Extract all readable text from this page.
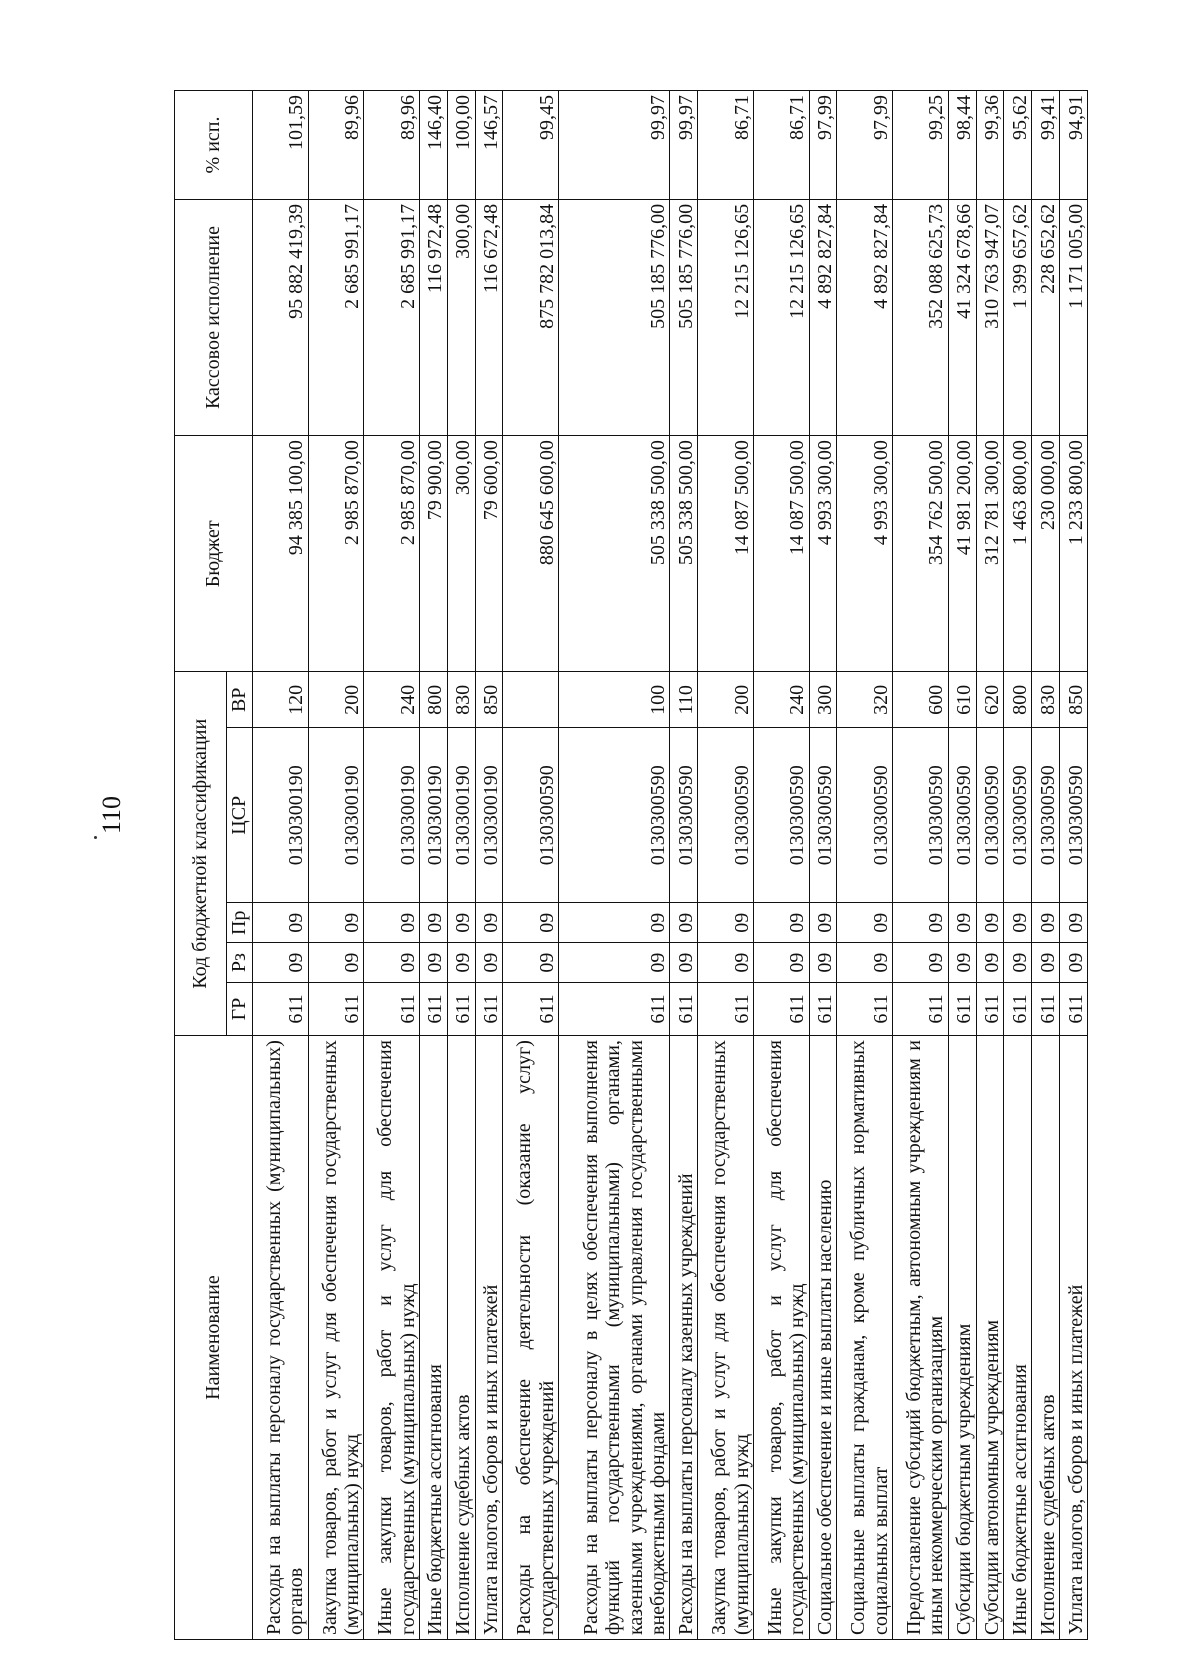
110
Наименование	Код бюджетной классификации					Бюджет	Кассовое исполнение	% исп.
	ГР	Рз	Пр	ЦСР	ВР			
Расходы на выплаты персоналу государственных (муниципальных) органов	611	09	09	0130300190	120	94 385 100,00	95 882 419,39	101,59
Закупка товаров, работ и услуг для обеспечения государственных (муниципальных) нужд	611	09	09	0130300190	200	2 985 870,00	2 685 991,17	89,96
Иные закупки товаров, работ и услуг для обеспечения государственных (муниципальных) нужд	611	09	09	0130300190	240	2 985 870,00	2 685 991,17	89,96
Иные бюджетные ассигнования	611	09	09	0130300190	800	79 900,00	116 972,48	146,40
Исполнение судебных актов	611	09	09	0130300190	830	300,00	300,00	100,00
Уплата налогов, сборов и иных платежей	611	09	09	0130300190	850	79 600,00	116 672,48	146,57
Расходы на обеспечение деятельности (оказание услуг) государственных учреждений	611	09	09	0130300590		880 645 600,00	875 782 013,84	99,45
Расходы на выплаты персоналу в целях обеспечения выполнения функций государственными (муниципальными) органами, казенными учреждениями, органами управления государственными внебюджетными фондами	611	09	09	0130300590	100	505 338 500,00	505 185 776,00	99,97
Расходы на выплаты персоналу казенных учреждений	611	09	09	0130300590	110	505 338 500,00	505 185 776,00	99,97
Закупка товаров, работ и услуг для обеспечения государственных (муниципальных) нужд	611	09	09	0130300590	200	14 087 500,00	12 215 126,65	86,71
Иные закупки товаров, работ и услуг для обеспечения государственных (муниципальных) нужд	611	09	09	0130300590	240	14 087 500,00	12 215 126,65	86,71
Социальное обеспечение и иные выплаты населению	611	09	09	0130300590	300	4 993 300,00	4 892 827,84	97,99
Социальные выплаты гражданам, кроме публичных нормативных социальных выплат	611	09	09	0130300590	320	4 993 300,00	4 892 827,84	97,99
Предоставление субсидий бюджетным, автономным учреждениям и иным некоммерческим организациям	611	09	09	0130300590	600	354 762 500,00	352 088 625,73	99,25
Субсидии бюджетным учреждениям	611	09	09	0130300590	610	41 981 200,00	41 324 678,66	98,44
Субсидии автономным учреждениям	611	09	09	0130300590	620	312 781 300,00	310 763 947,07	99,36
Иные бюджетные ассигнования	611	09	09	0130300590	800	1 463 800,00	1 399 657,62	95,62
Исполнение судебных актов	611	09	09	0130300590	830	230 000,00	228 652,62	99,41
Уплата налогов, сборов и иных платежей	611	09	09	0130300590	850	1 233 800,00	1 171 005,00	94,91
